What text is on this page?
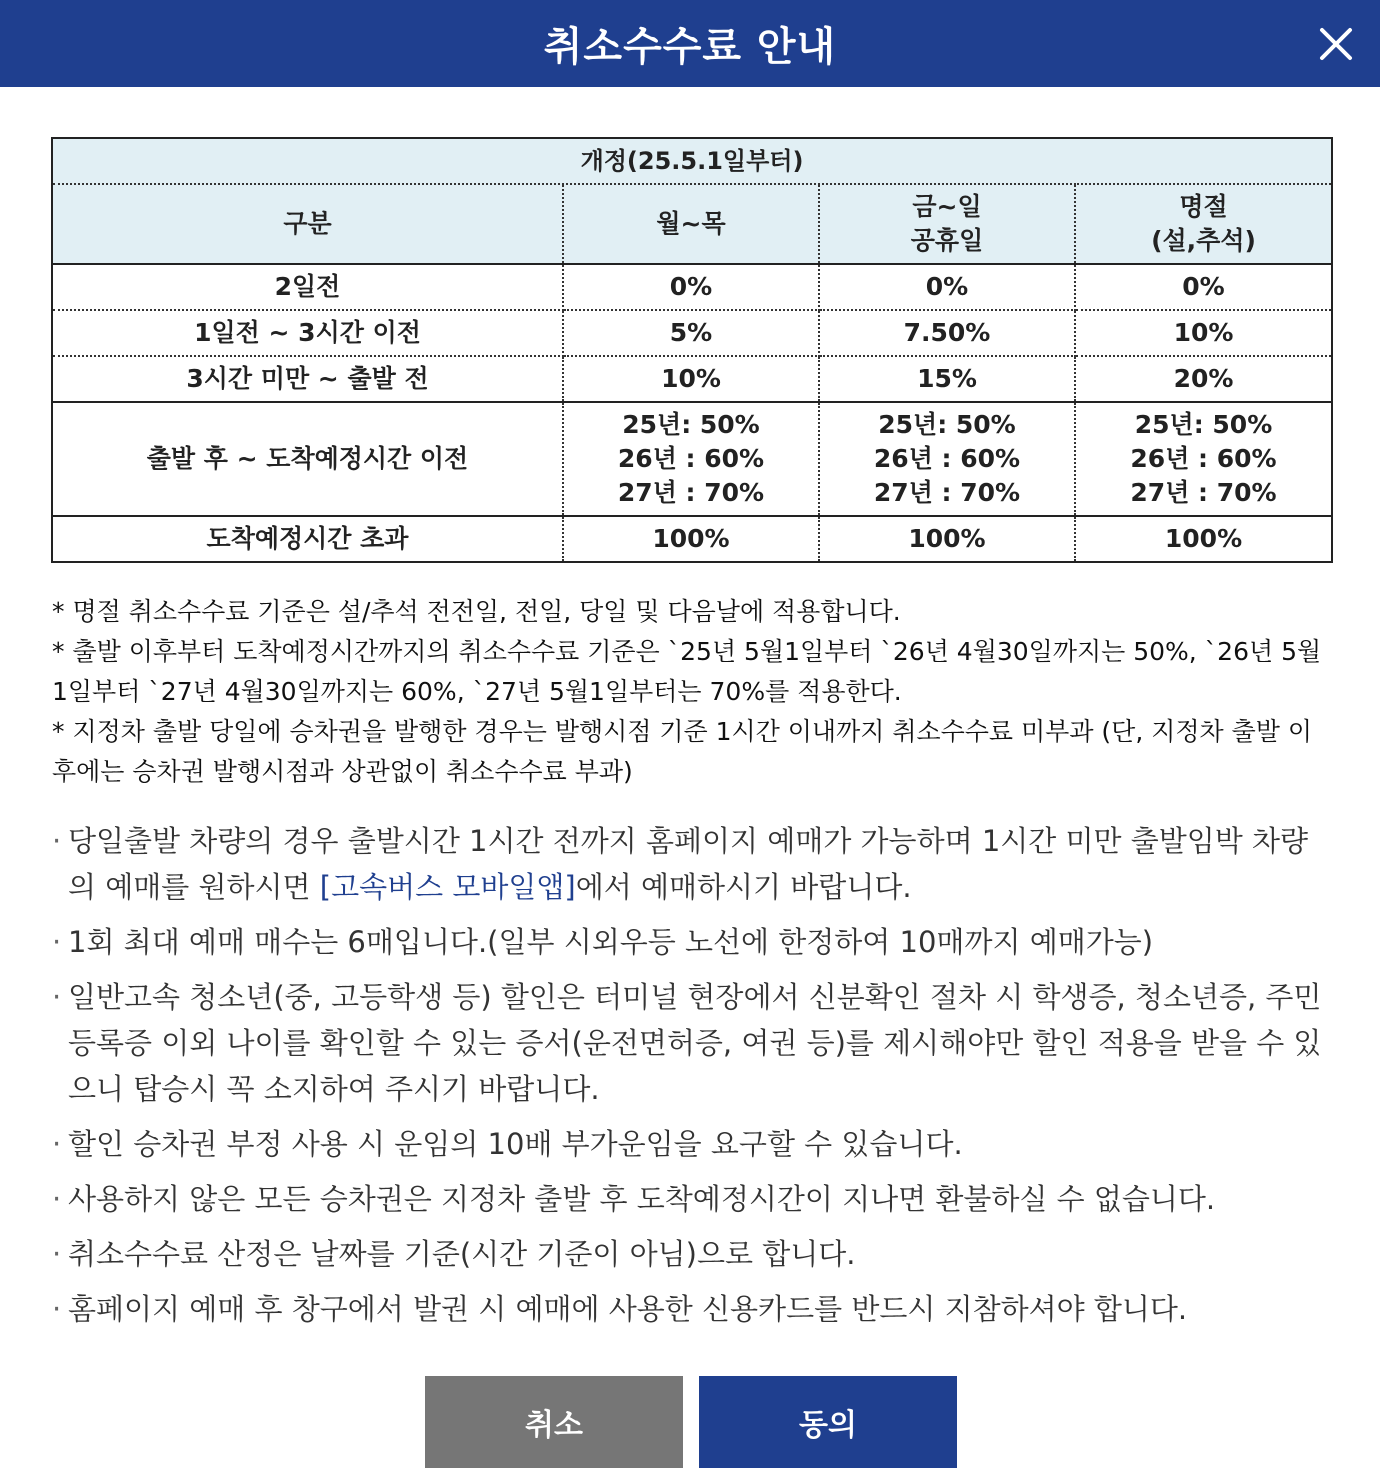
취소수수료 안내
개정(25.5.1일부터)			

구분	월~목	금~일
공휴일	명절
(설,추석)

2일전	0%	0%	0%

1일전 ~ 3시간 이전	5%	7.50%	10%

3시간 미만 ~ 출발 전	10%	15%	20%

출발 후 ~ 도착예정시간 이전	25년: 50%
26년 : 60%
27년 : 70%	25년: 50%
26년 : 60%
27년 : 70%	25년: 50%
26년 : 60%
27년 : 70%

도착예정시간 초과	100%	100%	100%
* 명절 취소수수료 기준은 설/추석 전전일, 전일, 당일 및 다음날에 적용합니다.
* 출발 이후부터 도착예정시간까지의 취소수수료 기준은 `25년 5월1일부터 `26년 4월30일까지는 50%, `26년 5월 1일부터 `27년 4월30일까지는 60%, `27년 5월1일부터는 70%를 적용한다.
* 지정차 출발 당일에 승차권을 발행한 경우는 발행시점 기준 1시간 이내까지 취소수수료 미부과 (단, 지정차 출발 이후에는 승차권 발행시점과 상관없이 취소수수료 부과)
· 당일출발 차량의 경우 출발시간 1시간 전까지 홈페이지 예매가 가능하며 1시간 미만 출발임박 차량의 예매를 원하시면 [고속버스 모바일앱]에서 예매하시기 바랍니다.
· 1회 최대 예매 매수는 6매입니다.(일부 시외우등 노선에 한정하여 10매까지 예매가능)
· 일반고속 청소년(중, 고등학생 등) 할인은 터미널 현장에서 신분확인 절차 시 학생증, 청소년증, 주민등록증 이외 나이를 확인할 수 있는 증서(운전면허증, 여권 등)를 제시해야만 할인 적용을 받을 수 있으니 탑승시 꼭 소지하여 주시기 바랍니다.
· 할인 승차권 부정 사용 시 운임의 10배 부가운임을 요구할 수 있습니다.
· 사용하지 않은 모든 승차권은 지정차 출발 후 도착예정시간이 지나면 환불하실 수 없습니다.
· 취소수수료 산정은 날짜를 기준(시간 기준이 아님)으로 합니다.
· 홈페이지 예매 후 창구에서 발권 시 예매에 사용한 신용카드를 반드시 지참하셔야 합니다.
취소	동의
